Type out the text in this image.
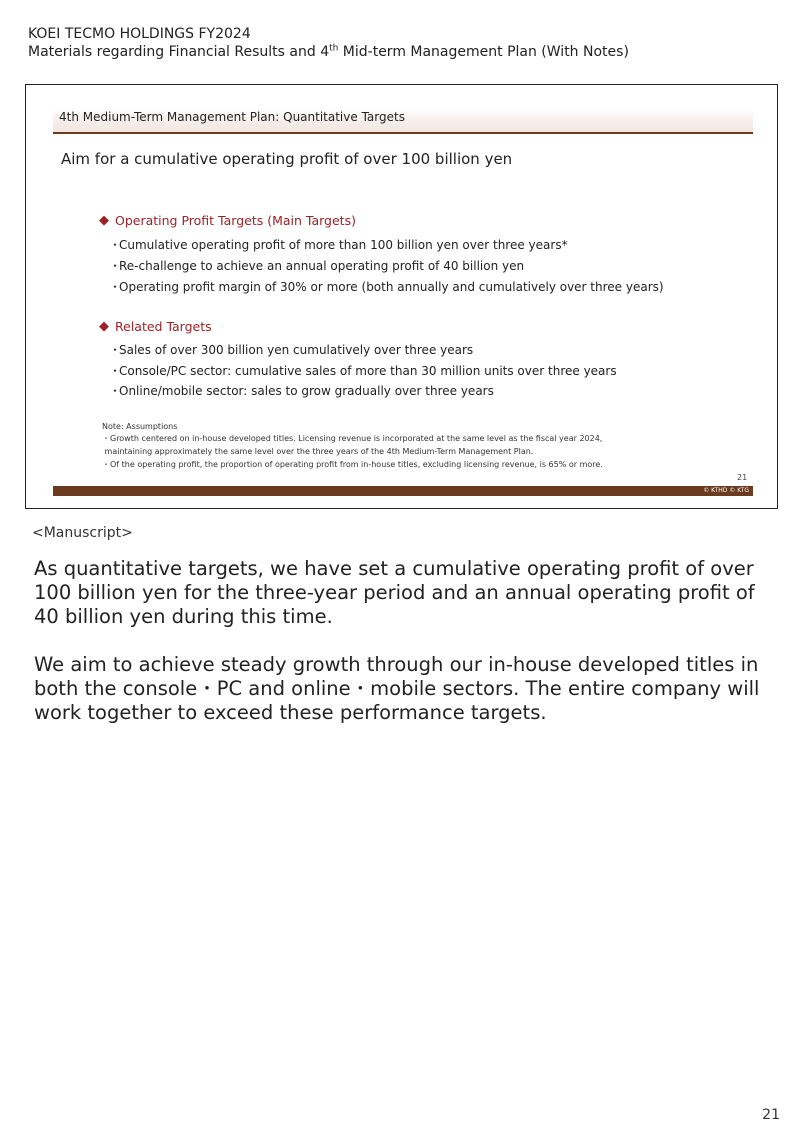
KOEI TECMO HOLDINGS FY2024
Materials regarding Financial Results and 4th Mid-term Management Plan (With Notes)
4th Medium-Term Management Plan: Quantitative Targets
Aim for a cumulative operating profit of over 100 billion yen
◆ Operating Profit Targets (Main Targets)
・Cumulative operating profit of more than 100 billion yen over three years*
・Re-challenge to achieve an annual operating profit of 40 billion yen
・Operating profit margin of 30% or more (both annually and cumulatively over three years)
◆ Related Targets
・Sales of over 300 billion yen cumulatively over three years
・Console/PC sector: cumulative sales of more than 30 million units over three years
・Online/mobile sector: sales to grow gradually over three years
Note: Assumptions
・Growth centered on in-house developed titles. Licensing revenue is incorporated at the same level as the fiscal year 2024,
maintaining approximately the same level over the three years of the 4th Medium-Term Management Plan.
・Of the operating profit, the proportion of operating profit from in-house titles, excluding licensing revenue, is 65% or more.
21
© KTHD © KTG
<Manuscript>

As quantitative targets, we have set a cumulative operating profit of over 100 billion yen for the three-year period and an annual operating profit of 40 billion yen during this time.

We aim to achieve steady growth through our in-house developed titles in both the console・PC and online・mobile sectors. The entire company will work together to exceed these performance targets.

21
